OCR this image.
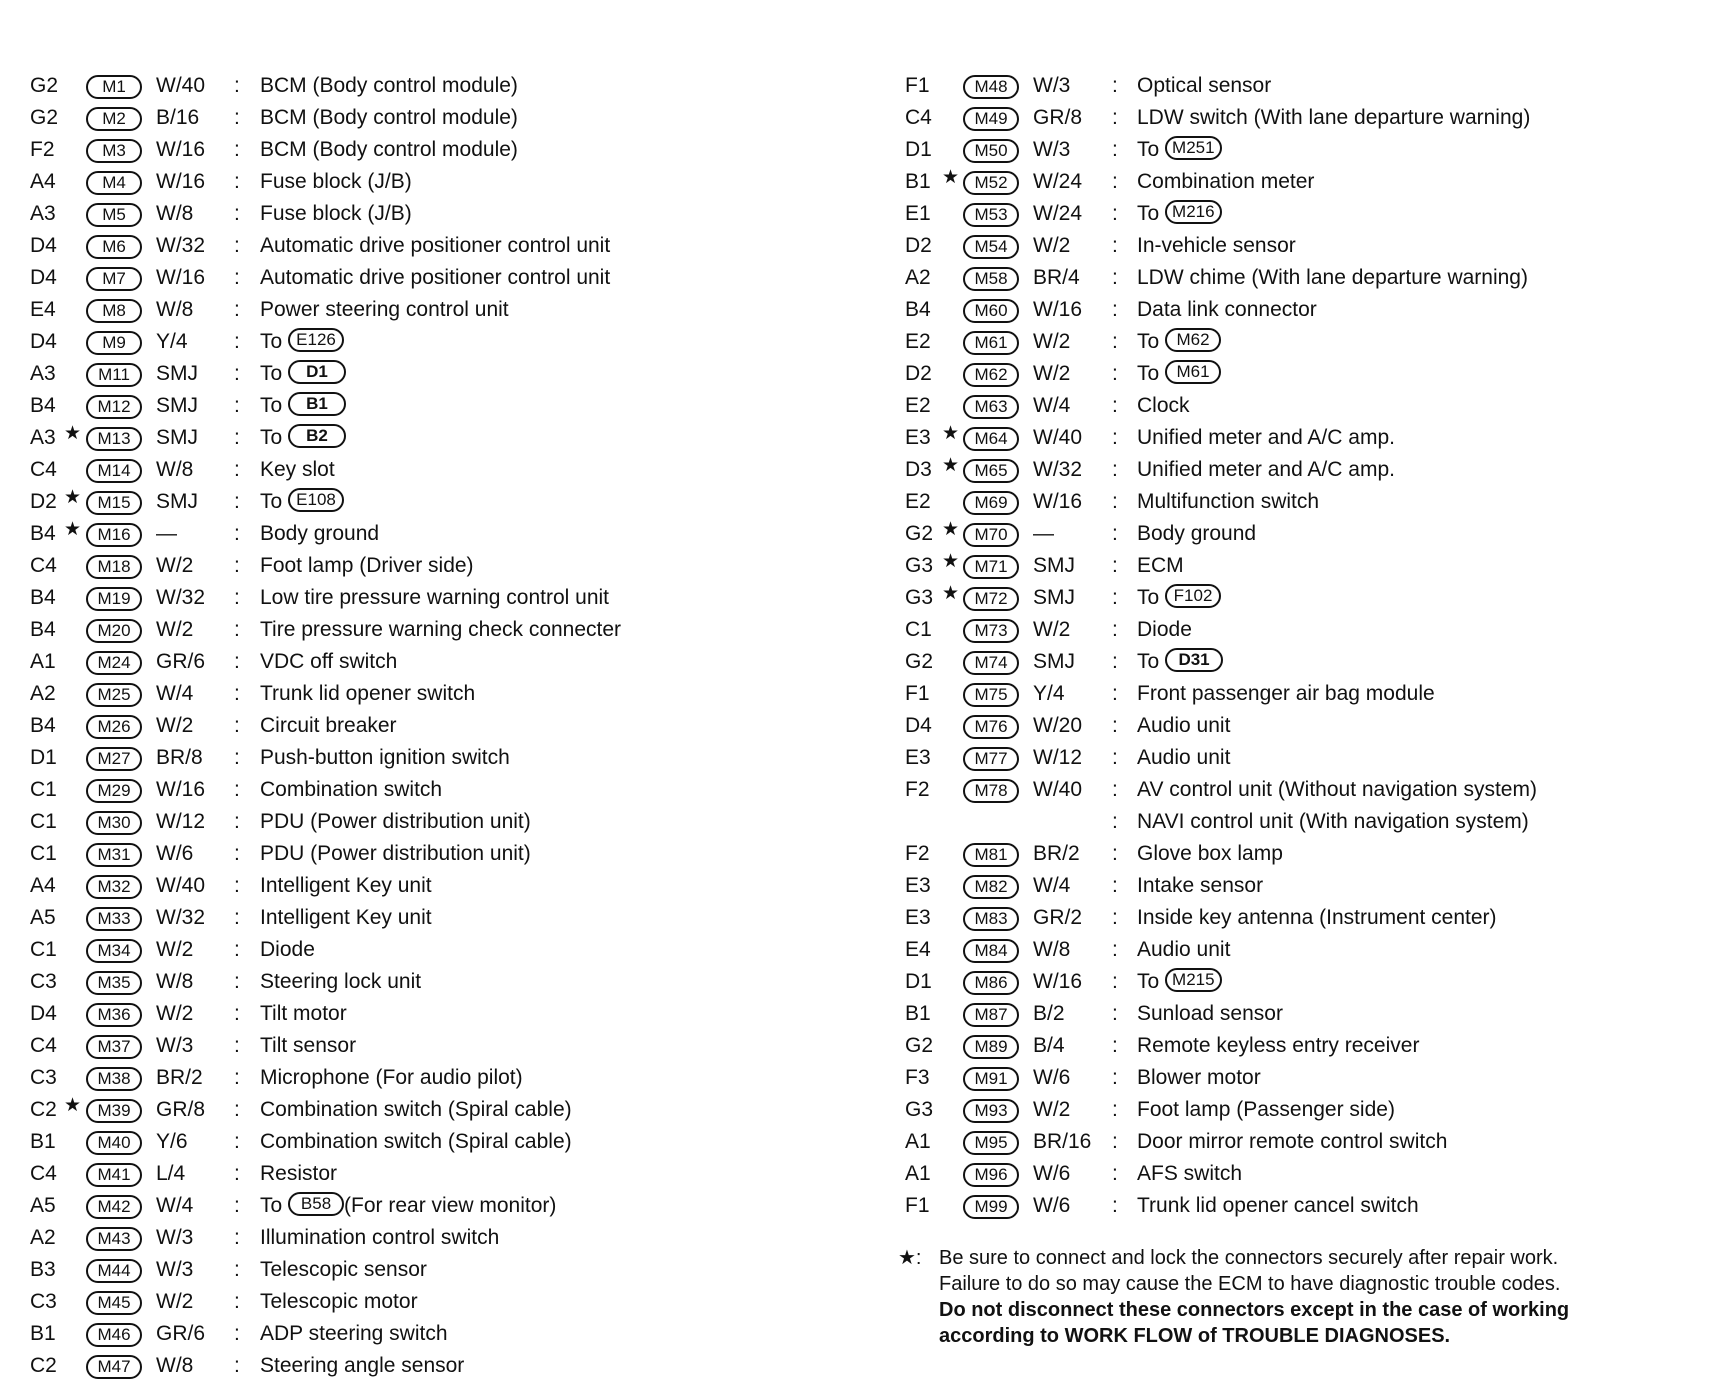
G2	M1	W/40 : BCM (Body control module)
G2	M2	B/16 : BCM (Body control module)
F2	M3	W/16 : BCM (Body control module)
A4	M4	W/16 : Fuse block (J/B)
A3	M5	W/8 : Fuse block (J/B)
D4	M6	W/32 : Automatic drive positioner control unit
D4	M7	W/16 : Automatic drive positioner control unit
E4	M8	W/8 : Power steering control unit
D4	M9	Y/4 : To E126
A3	M11	SMJ : To D1
B4	M12	SMJ : To B1
A3 ★ M13	SMJ : To B2
C4	M14	W/8 : Key slot
D2 ★ M15	SMJ : To E108
B4 ★ M16	—	: Body ground
C4	M18	W/2 : Foot lamp (Driver side)
B4	M19	W/32 : Low tire pressure warning control unit
B4	M20	W/2 : Tire pressure warning check connecter
A1	M24	GR/6 : VDC off switch
A2	M25	W/4 : Trunk lid opener switch
B4	M26	W/2 : Circuit breaker
D1	M27	BR/8 : Push-button ignition switch
C1	M29	W/16 : Combination switch
C1	M30	W/12 : PDU (Power distribution unit)
C1	M31	W/6 : PDU (Power distribution unit)
A4	M32	W/40 : Intelligent Key unit
A5	M33	W/32 : Intelligent Key unit
C1	M34	W/2 : Diode
C3	M35	W/8 : Steering lock unit
D4	M36	W/2 : Tilt motor
C4	M37	W/3 : Tilt sensor
C3	M38	BR/2 : Microphone (For audio pilot)
C2 ★ M39	GR/8 : Combination switch (Spiral cable)
B1	M40	Y/6 : Combination switch (Spiral cable)
C4	M41	L/4 : Resistor
A5	M42	W/4 : To B58 (For rear view monitor)
A2	M43	W/3 : Illumination control switch
B3	M44	W/3 : Telescopic sensor
C3	M45	W/2 : Telescopic motor
B1	M46	GR/6 : ADP steering switch
C2	M47	W/8 : Steering angle sensor
F1	M48	W/3 : Optical sensor
C4	M49	GR/8 : LDW switch (With lane departure warning)
D1	M50	W/3 : To M251
B1 ★ M52	W/24 : Combination meter
E1	M53	W/24 : To M216
D2	M54	W/2 : In-vehicle sensor
A2	M58	BR/4 : LDW chime (With lane departure warning)
B4	M60	W/16 : Data link connector
E2	M61	W/2 : To M62
D2	M62	W/2 : To M61
E2	M63	W/4 : Clock
E3 ★ M64	W/40 : Unified meter and A/C amp.
D3 ★ M65	W/32 : Unified meter and A/C amp.
E2	M69	W/16 : Multifunction switch
G2 ★ M70	—	: Body ground
G3 ★ M71	SMJ : ECM
G3 ★ M72	SMJ : To F102
C1	M73	W/2 : Diode
G2	M74	SMJ : To D31
F1	M75	Y/4 : Front passenger air bag module
D4	M76	W/20 : Audio unit
E3	M77	W/12 : Audio unit
F2	M78	W/40 : AV control unit (Without navigation system)
: NAVI control unit (With navigation system)
F2	M81	BR/2 : Glove box lamp
E3	M82	W/4 : Intake sensor
E3	M83	GR/2 : Inside key antenna (Instrument center)
E4	M84	W/8 : Audio unit
D1	M86	W/16 : To M215
B1	M87	B/2 : Sunload sensor
G2	M89	B/4 : Remote keyless entry receiver
F3	M91	W/6 : Blower motor
G3	M93	W/2 : Foot lamp (Passenger side)
A1	M95	BR/16 : Door mirror remote control switch
A1	M96	W/6 : AFS switch
F1	M99	W/6 : Trunk lid opener cancel switch
★: Be sure to connect and lock the connectors securely after repair work.
Failure to do so may cause the ECM to have diagnostic trouble codes.
Do not disconnect these connectors except in the case of working
according to WORK FLOW of TROUBLE DIAGNOSES.
